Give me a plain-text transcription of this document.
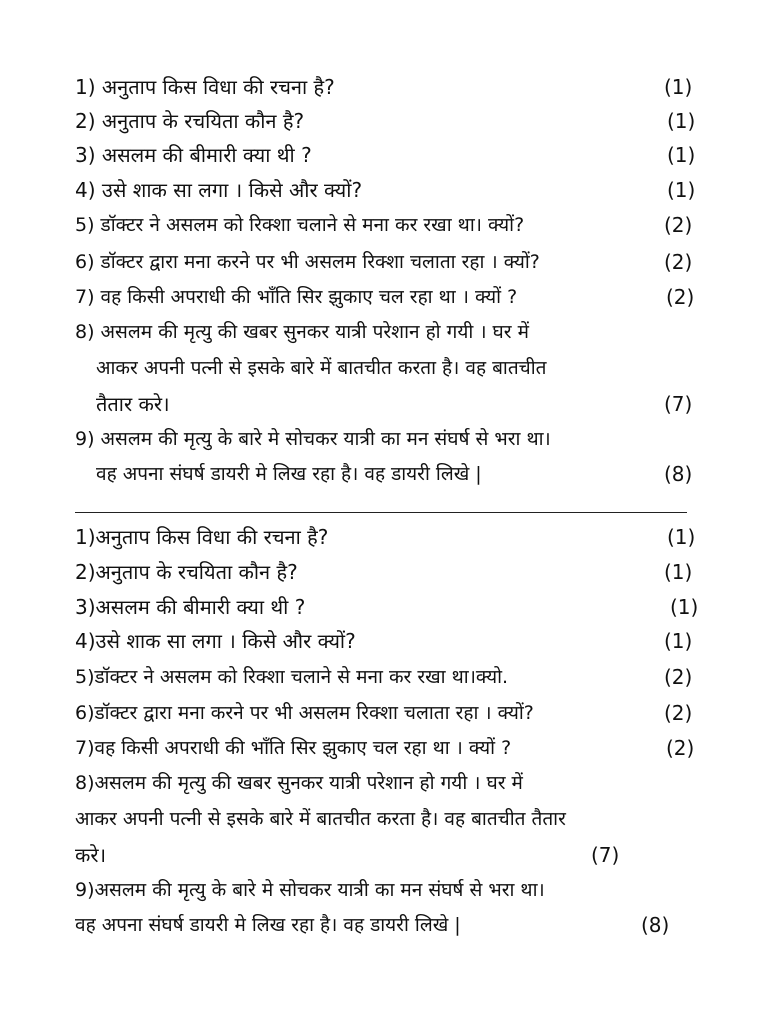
1) अनुताप किस विधा की रचना है?	(1)
2) अनुताप के रचयिता कौन है?	(1)
3) असलम की बीमारी क्या थी ?	(1)
4) उसे शाक सा लगा । किसे और क्यों?	(1)
5) डॉक्टर ने असलम को रिक्शा चलाने से मना कर रखा था। क्यों?	(2)
6) डॉक्टर द्वारा मना करने पर भी असलम रिक्शा चलाता रहा । क्यों?	(2)
7) वह किसी अपराधी की भाँति सिर झुकाए चल रहा था । क्यों ?	(2)
8) असलम की मृत्यु की खबर सुनकर यात्री परेशान हो गयी । घर में
आकर अपनी पत्नी से इसके बारे में बातचीत करता है। वह बातचीत
तैतार करे।	(7)
9) असलम की मृत्यु के बारे मे सोचकर यात्री का मन संघर्ष से भरा था।
वह अपना संघर्ष डायरी मे लिख रहा है। वह डायरी लिखे |	(8)
1)अनुताप किस विधा की रचना है?	(1)
2)अनुताप के रचयिता कौन है?	(1)
3)असलम की बीमारी क्या थी ?	(1)
4)उसे शाक सा लगा । किसे और क्यों?	(1)
5)डॉक्टर ने असलम को रिक्शा चलाने से मना कर रखा था।क्यो.	(2)
6)डॉक्टर द्वारा मना करने पर भी असलम रिक्शा चलाता रहा । क्यों?	(2)
7)वह किसी अपराधी की भाँति सिर झुकाए चल रहा था । क्यों ?	(2)
8)असलम की मृत्यु की खबर सुनकर यात्री परेशान हो गयी । घर में
आकर अपनी पत्नी से इसके बारे में बातचीत करता है। वह बातचीत तैतार
करे।	(7)
9)असलम की मृत्यु के बारे मे सोचकर यात्री का मन संघर्ष से भरा था।
वह अपना संघर्ष डायरी मे लिख रहा है। वह डायरी लिखे |	(8)
